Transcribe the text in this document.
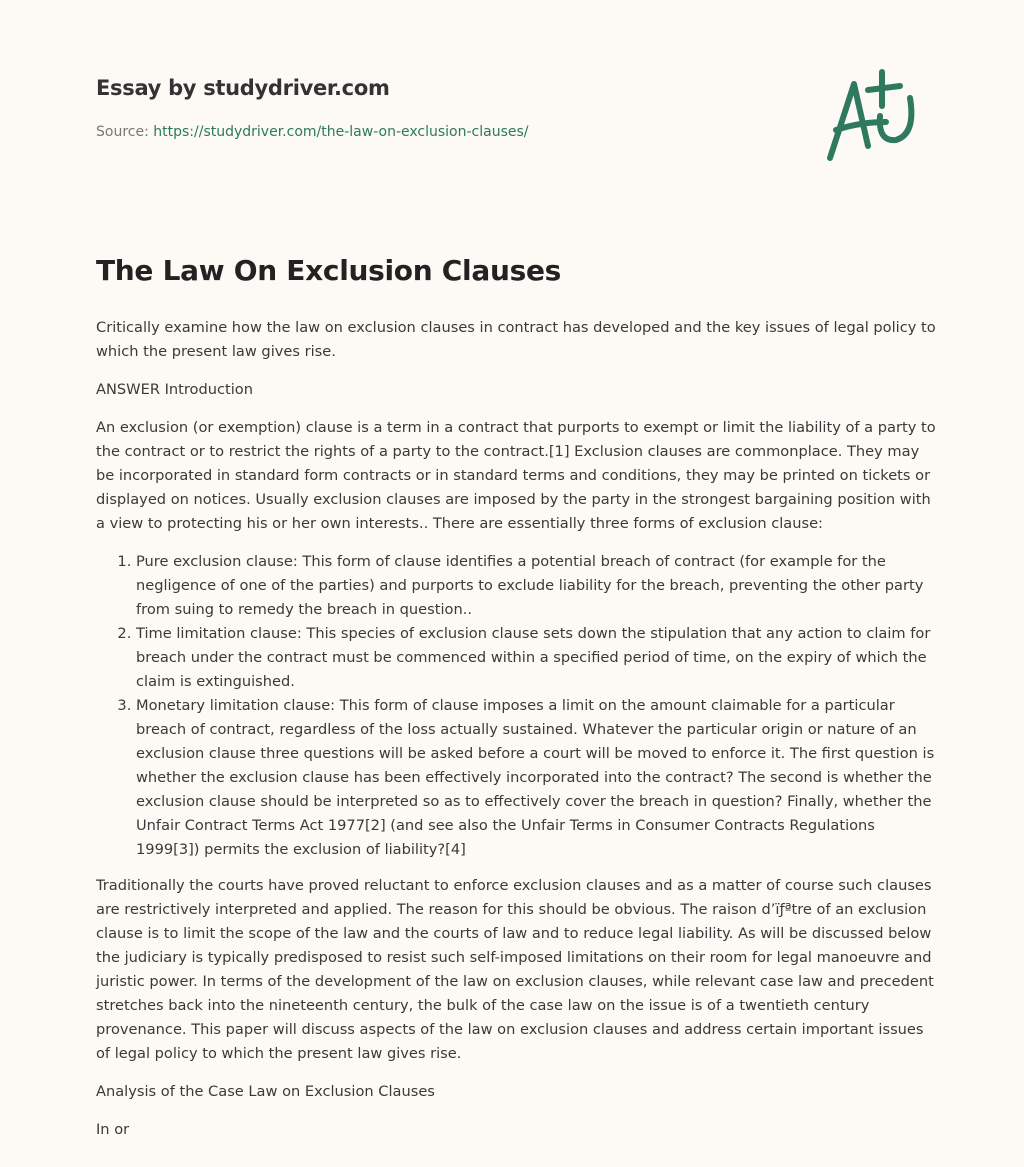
Essay by studydriver.com
Source: https://studydriver.com/the-law-on-exclusion-clauses/
The Law On Exclusion Clauses

Critically examine how the law on exclusion clauses in contract has developed and the key issues of legal policy to which the present law gives rise.

ANSWER Introduction

An exclusion (or exemption) clause is a term in a contract that purports to exempt or limit the liability of a party to the contract or to restrict the rights of a party to the contract.[1] Exclusion clauses are commonplace. They may be incorporated in standard form contracts or in standard terms and conditions, they may be printed on tickets or displayed on notices. Usually exclusion clauses are imposed by the party in the strongest bargaining position with a view to protecting his or her own interests.. There are essentially three forms of exclusion clause:

1. Pure exclusion clause: This form of clause identifies a potential breach of contract (for example for the negligence of one of the parties) and purports to exclude liability for the breach, preventing the other party from suing to remedy the breach in question..
2. Time limitation clause: This species of exclusion clause sets down the stipulation that any action to claim for breach under the contract must be commenced within a specified period of time, on the expiry of which the claim is extinguished.
3. Monetary limitation clause: This form of clause imposes a limit on the amount claimable for a particular breach of contract, regardless of the loss actually sustained. Whatever the particular origin or nature of an exclusion clause three questions will be asked before a court will be moved to enforce it. The first question is whether the exclusion clause has been effectively incorporated into the contract? The second is whether the exclusion clause should be interpreted so as to effectively cover the breach in question? Finally, whether the Unfair Contract Terms Act 1977[2] (and see also the Unfair Terms in Consumer Contracts Regulations 1999[3]) permits the exclusion of liability?[4]

Traditionally the courts have proved reluctant to enforce exclusion clauses and as a matter of course such clauses are restrictively interpreted and applied. The reason for this should be obvious. The raison d’ïƒªtre of an exclusion clause is to limit the scope of the law and the courts of law and to reduce legal liability. As will be discussed below the judiciary is typically predisposed to resist such self-imposed limitations on their room for legal manoeuvre and juristic power. In terms of the development of the law on exclusion clauses, while relevant case law and precedent stretches back into the nineteenth century, the bulk of the case law on the issue is of a twentieth century provenance. This paper will discuss aspects of the law on exclusion clauses and address certain important issues of legal policy to which the present law gives rise.

Analysis of the Case Law on Exclusion Clauses

In or
